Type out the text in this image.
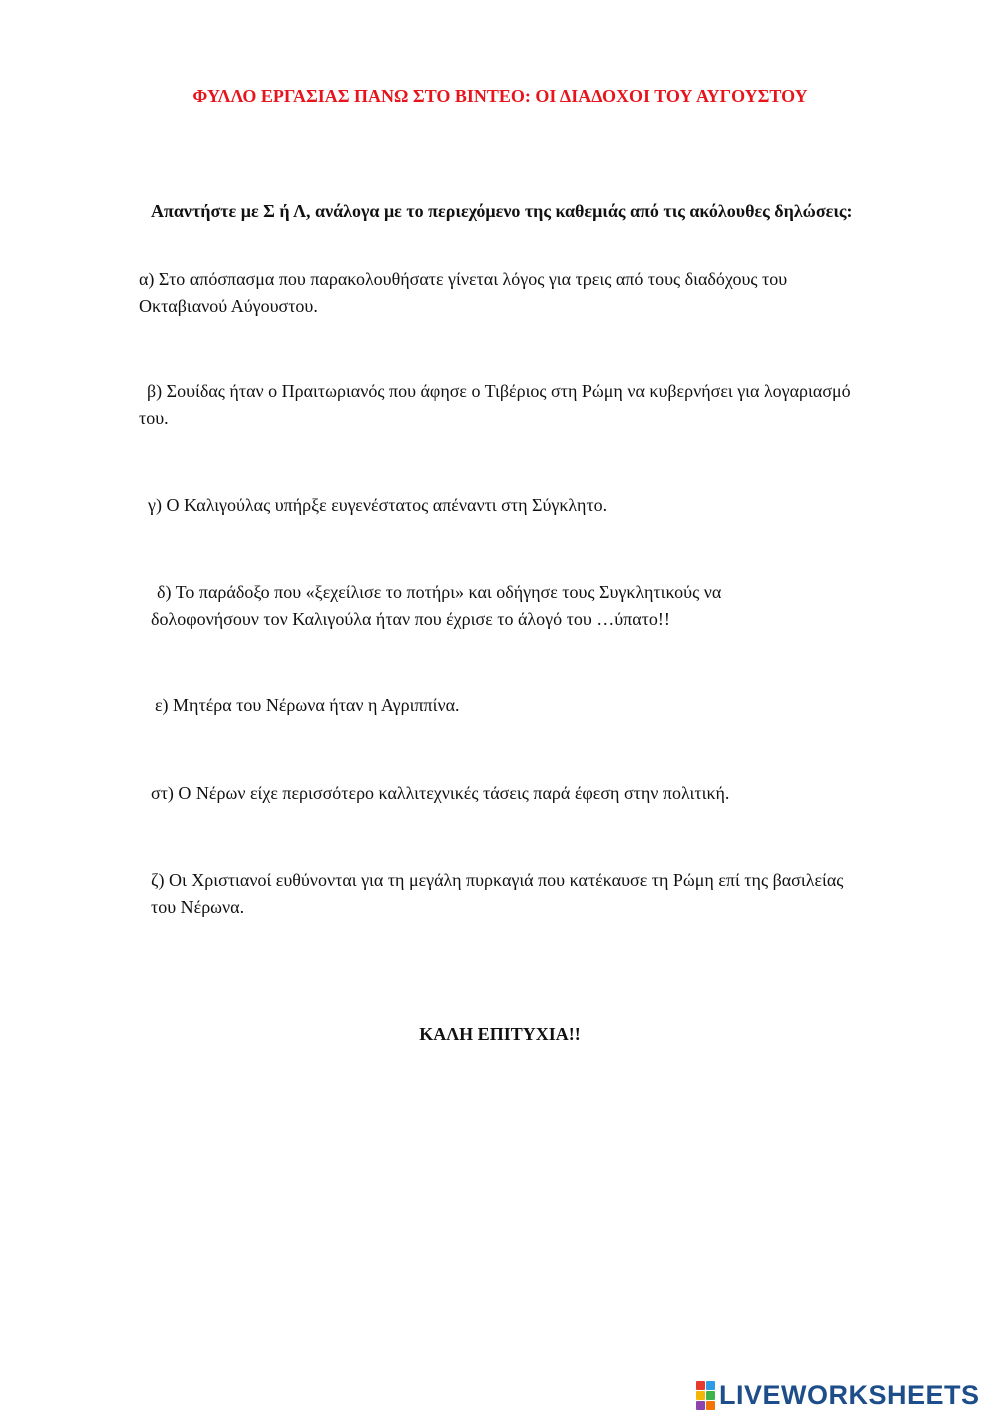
ΦΥΛΛΟ ΕΡΓΑΣΙΑΣ ΠΑΝΩ ΣΤΟ ΒΙΝΤΕΟ: ΟΙ ΔΙΑΔΟΧΟΙ ΤΟΥ ΑΥΓΟΥΣΤΟΥ

Απαντήστε με Σ ή Λ, ανάλογα με το περιεχόμενο της καθεμιάς από τις ακόλουθες δηλώσεις:

α) Στο απόσπασμα που παρακολουθήσατε γίνεται λόγος για τρεις από τους διαδόχους του Οκταβιανού Αύγουστου.

β) Σουίδας ήταν ο Πραιτωριανός που άφησε ο Τιβέριος στη Ρώμη να κυβερνήσει για λογαριασμό του.

γ) Ο Καλιγούλας υπήρξε ευγενέστατος απέναντι στη Σύγκλητο.

δ) Το παράδοξο που «ξεχείλισε το ποτήρι» και οδήγησε τους Συγκλητικούς να δολοφονήσουν τον Καλιγούλα ήταν που έχρισε το άλογό του …ύπατο!!

ε) Μητέρα του Νέρωνα ήταν η Αγριππίνα.

στ) Ο Νέρων είχε περισσότερο καλλιτεχνικές τάσεις παρά έφεση στην πολιτική.

ζ) Οι Χριστιανοί ευθύνονται για τη μεγάλη πυρκαγιά που κατέκαυσε τη Ρώμη επί της βασιλείας του Νέρωνα.

ΚΑΛΗ ΕΠΙΤΥΧΙΑ!!

LIVEWORKSHEETS
